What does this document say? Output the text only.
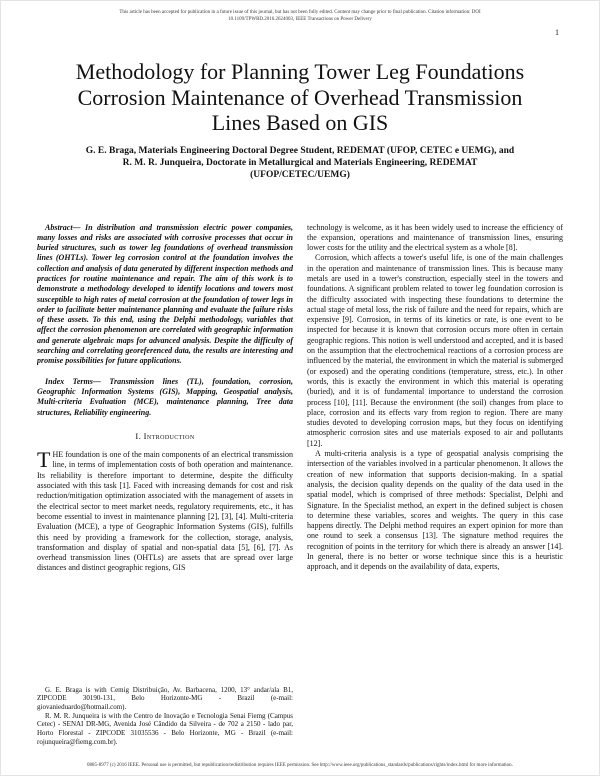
This article has been accepted for publication in a future issue of this journal, but has not been fully edited. Content may change prior to final publication. Citation information: DOI 10.1109/TPWRD.2016.2624003, IEEE Transactions on Power Delivery
1
Methodology for Planning Tower Leg Foundations Corrosion Maintenance of Overhead Transmission Lines Based on GIS
G. E. Braga, Materials Engineering Doctoral Degree Student, REDEMAT (UFOP, CETEC e UEMG), and R. M. R. Junqueira, Doctorate in Metallurgical and Materials Engineering, REDEMAT (UFOP/CETEC/UEMG)

Abstract— In distribution and transmission electric power companies, many losses and risks are associated with corrosive processes that occur in buried structures, such as tower leg foundations of overhead transmission lines (OHTLs). Tower leg corrosion control at the foundation involves the collection and analysis of data generated by different inspection methods and practices for routine maintenance and repair. The aim of this work is to demonstrate a methodology developed to identify locations and towers most susceptible to high rates of metal corrosion at the foundation of tower legs in order to facilitate better maintenance planning and evaluate the failure risks of these assets. To this end, using the Delphi methodology, variables that affect the corrosion phenomenon are correlated with geographic information and generate algebraic maps for advanced analysis. Despite the difficulty of searching and correlating georeferenced data, the results are interesting and promise possibilities for future applications.

Index Terms— Transmission lines (TL), foundation, corrosion, Geographic Information Systems (GIS), Mapping, Geospatial analysis, Multi-criteria Evaluation (MCE), maintenance planning, Tree data structures, Reliability engineering.

I. Introduction

THE foundation is one of the main components of an electrical transmission line, in terms of implementation costs of both operation and maintenance. Its reliability is therefore important to determine, despite the difficulty associated with this task [1]. Faced with increasing demands for cost and risk reduction/mitigation optimization associated with the management of assets in the electrical sector to meet market needs, regulatory requirements, etc., it has become essential to invest in maintenance planning [2], [3], [4]. Multi-criteria Evaluation (MCE), a type of Geographic Information Systems (GIS), fulfills this need by providing a framework for the collection, storage, analysis, transformation and display of spatial and non-spatial data [5], [6], [7]. As overhead transmission lines (OHTLs) are assets that are spread over large distances and distinct geographic regions, GIS

G. E. Braga is with Cemig Distribuição, Av. Barbacena, 1200, 13° andar/ala B1, ZIPCODE 30190-131, Belo Horizonte-MG - Brazil (e-mail: giovanieduardo@hotmail.com).

R. M. R. Junqueira is with the Centro de Inovação e Tecnologia Senai Fiemg (Campus Cetec) - SENAI DR-MG, Avenida José Cândido da Silveira - de 702 a 2150 - lado par, Horto Florestal - ZIPCODE 31035536 - Belo Horizonte, MG - Brazil (e-mail: rojunqueira@fiemg.com.br).

technology is welcome, as it has been widely used to increase the efficiency of the expansion, operations and maintenance of transmission lines, ensuring lower costs for the utility and the electrical system as a whole [8].

Corrosion, which affects a tower's useful life, is one of the main challenges in the operation and maintenance of transmission lines. This is because many metals are used in a tower's construction, especially steel in the towers and foundations. A significant problem related to tower leg foundation corrosion is the difficulty associated with inspecting these foundations to determine the actual stage of metal loss, the risk of failure and the need for repairs, which are expensive [9]. Corrosion, in terms of its kinetics or rate, is one event to be inspected for because it is known that corrosion occurs more often in certain geographic regions. This notion is well understood and accepted, and it is based on the assumption that the electrochemical reactions of a corrosion process are influenced by the material, the environment in which the material is submerged (or exposed) and the operating conditions (temperature, stress, etc.). In other words, this is exactly the environment in which this material is operating (buried), and it is of fundamental importance to understand the corrosion process [10], [11]. Because the environment (the soil) changes from place to place, corrosion and its effects vary from region to region. There are many studies devoted to developing corrosion maps, but they focus on identifying atmospheric corrosion sites and use materials exposed to air and pollutants [12].

A multi-criteria analysis is a type of geospatial analysis comprising the intersection of the variables involved in a particular phenomenon. It allows the creation of new information that supports decision-making. In a spatial analysis, the decision quality depends on the quality of the data used in the spatial model, which is comprised of three methods: Specialist, Delphi and Signature. In the Specialist method, an expert in the defined subject is chosen to determine these variables, scores and weights. The query in this case happens directly. The Delphi method requires an expert opinion for more than one round to seek a consensus [13]. The signature method requires the recognition of points in the territory for which there is already an answer [14]. In general, there is no better or worse technique since this is a heuristic approach, and it depends on the availability of data, experts,

0885-8977 (c) 2016 IEEE. Personal use is permitted, but republication/redistribution requires IEEE permission. See http://www.ieee.org/publications_standards/publications/rights/index.html for more information.
